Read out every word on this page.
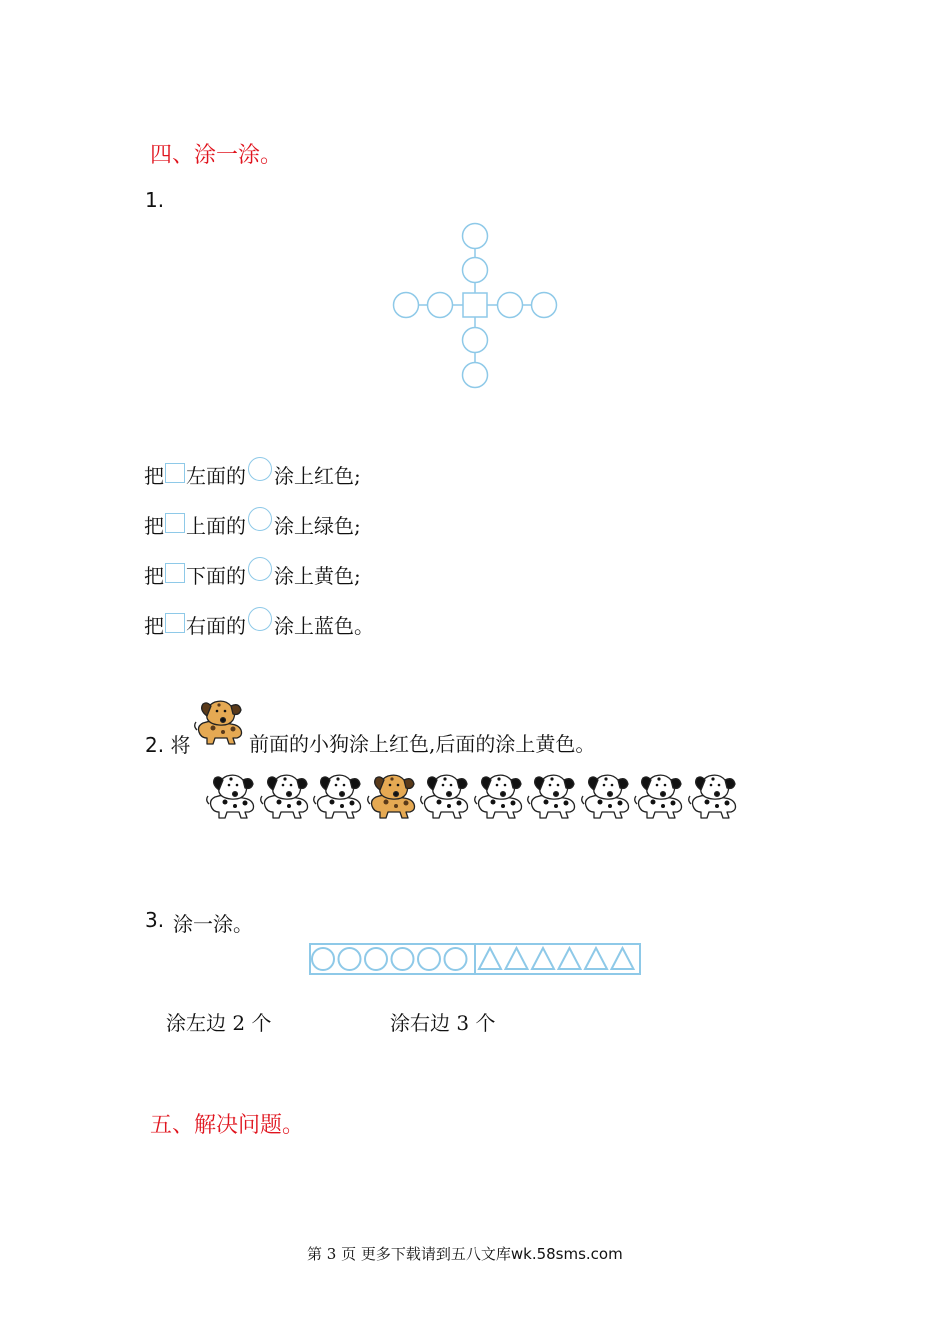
四、涂一涂。
1.
把 左面的 涂上红色;
把 上面的 涂上绿色;
把 下面的 涂上黄色;
把 右面的 涂上蓝色。
2. 将	前面的小狗涂上红色,后面的涂上黄色。
3. 涂一涂。
涂左边 2 个	涂右边 3 个
五、解决问题。
第 3 页 更多下载请到五八文库wk.58sms.com
